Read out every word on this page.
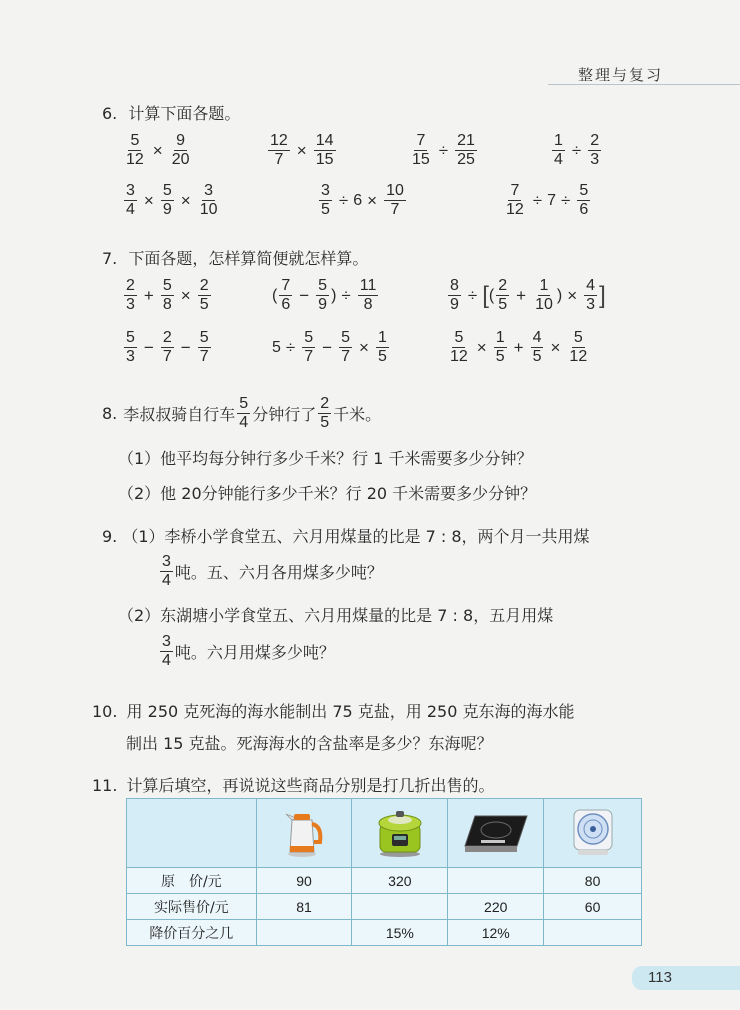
整理与复习
6. 计算下面各题。
$\frac{5}{12} \times \frac{9}{20}$	$\frac{12}{7} \times \frac{14}{15}$	$\frac{7}{15} \div \frac{21}{25}$	$\frac{1}{4} \div \frac{2}{3}$
$\frac{3}{4} \times \frac{5}{9} \times \frac{3}{10}$	$\frac{3}{5} \div 6 \times \frac{10}{7}$	$\frac{7}{12} \div 7 \div \frac{5}{6}$
7. 下面各题，怎样算简便就怎样算。
$\frac{2}{3} + \frac{5}{8} \times \frac{2}{5}$	( $\frac{7}{6} - \frac{5}{9}$ ) ÷ $\frac{11}{8}$	$\frac{8}{9}$ ÷ [ ( $\frac{2}{5} + \frac{1}{10}$ ) × $\frac{4}{3}$ ]
$\frac{5}{3} - \frac{2}{7} - \frac{5}{7}$	$5 \div \frac{5}{7} - \frac{5}{7} \times \frac{1}{5}$	$\frac{5}{12} \times \frac{1}{5} + \frac{4}{5} \times \frac{5}{12}$
8. 李叔叔骑自行车 $\frac{5}{4}$ 分钟行了 $\frac{2}{5}$ 千米。
（1）他平均每分钟行多少千米？行 1 千米需要多少分钟？
（2）他 20分钟能行多少千米？行 20 千米需要多少分钟？
9. （1）李桥小学食堂五、六月用煤量的比是 7 : 8，两个月一共用煤
$\frac{3}{4}$ 吨。五、六月各用煤多少吨？
（2）东湖塘小学食堂五、六月用煤量的比是 7 : 8，五月用煤
$\frac{3}{4}$ 吨。六月用煤多少吨？
10. 用 250 克死海的海水能制出 75 克盐，用 250 克东海的海水能
制出 15 克盐。死海海水的含盐率是多少？东海呢？
11. 计算后填空，再说说这些商品分别是打几折出售的。

原　价/元	90	320		80
实际售价/元	81		220	60
降价百分之几		15%	12%	
113
